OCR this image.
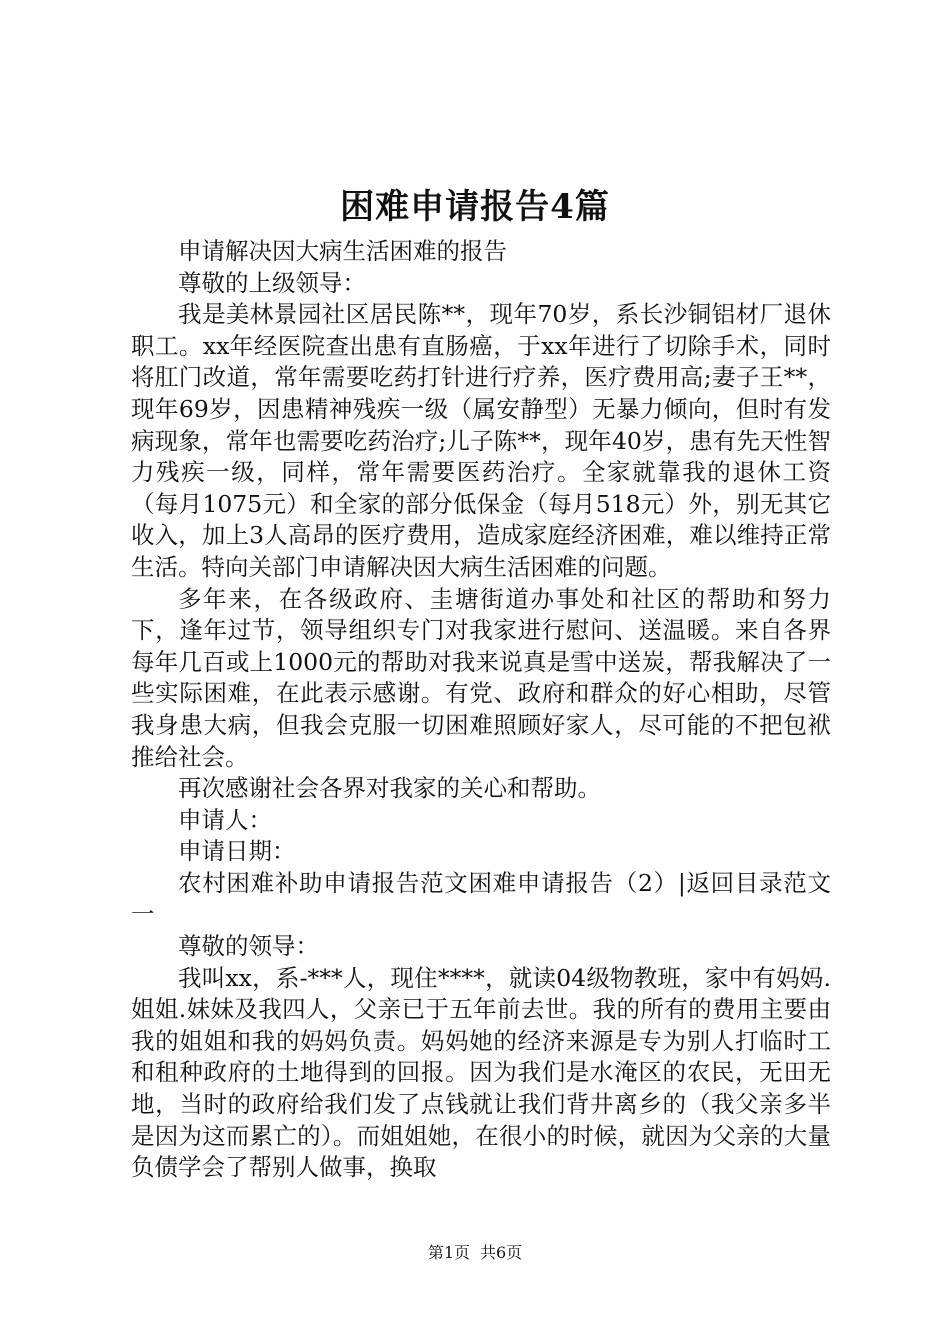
困难申请报告4篇

申请解决因大病生活困难的报告

尊敬的上级领导：

我是美林景园社区居民陈**，现年70岁，系长沙铜铝材厂退休职工。xx年经医院查出患有直肠癌，于xx年进行了切除手术，同时将肛门改道，常年需要吃药打针进行疗养，医疗费用高;妻子王**，现年69岁，因患精神残疾一级（属安静型）无暴力倾向，但时有发病现象，常年也需要吃药治疗;儿子陈**，现年40岁，患有先天性智力残疾一级，同样，常年需要医药治疗。全家就靠我的退休工资（每月1075元）和全家的部分低保金（每月518元）外，别无其它收入，加上3人高昂的医疗费用，造成家庭经济困难，难以维持正常生活。特向关部门申请解决因大病生活困难的问题。

多年来，在各级政府、圭塘街道办事处和社区的帮助和努力下，逢年过节，领导组织专门对我家进行慰问、送温暖。来自各界每年几百或上1000元的帮助对我来说真是雪中送炭，帮我解决了一些实际困难，在此表示感谢。有党、政府和群众的好心相助，尽管我身患大病，但我会克服一切困难照顾好家人，尽可能的不把包袱推给社会。

再次感谢社会各界对我家的关心和帮助。

申请人：

申请日期：

农村困难补助申请报告范文困难申请报告（2）|返回目录范文一

尊敬的领导：

我叫xx，系-***人，现住****，就读04级物教班，家中有妈妈.姐姐.妹妹及我四人，父亲已于五年前去世。我的所有的费用主要由我的姐姐和我的妈妈负责。妈妈她的经济来源是专为别人打临时工和租种政府的土地得到的回报。因为我们是水淹区的农民，无田无地，当时的政府给我们发了点钱就让我们背井离乡的（我父亲多半是因为这而累亡的）。而姐姐她，在很小的时候，就因为父亲的大量负债学会了帮别人做事，换取

第1页 共6页
